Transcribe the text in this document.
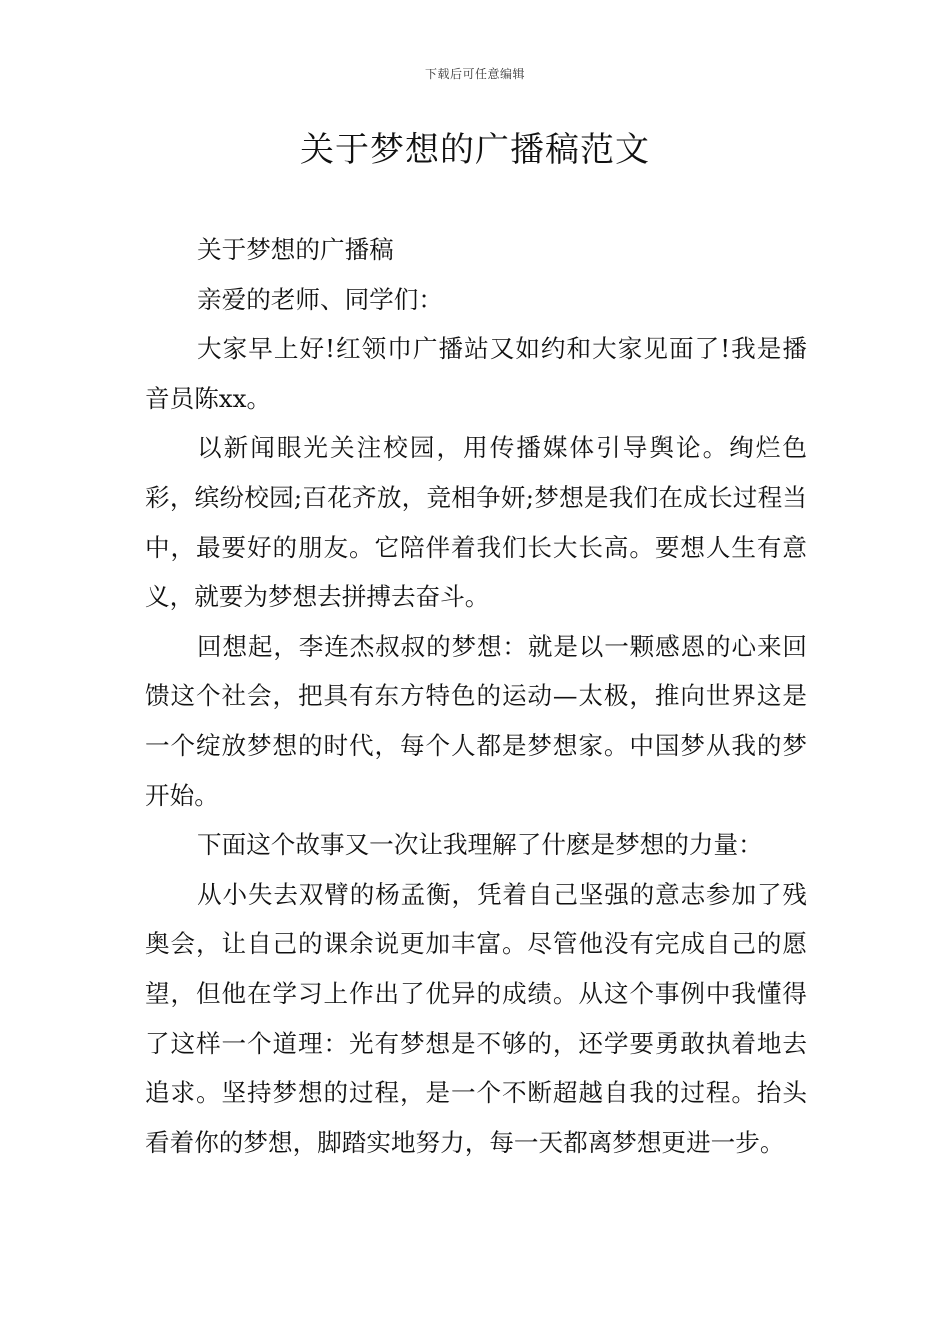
下载后可任意编辑
关于梦想的广播稿范文

关于梦想的广播稿

亲爱的老师、同学们：

大家早上好!红领巾广播站又如约和大家见面了!我是播音员陈xx。

以新闻眼光关注校园，用传播媒体引导舆论。绚烂色彩，缤纷校园;百花齐放，竞相争妍;梦想是我们在成长过程当中，最要好的朋友。它陪伴着我们长大长高。要想人生有意义，就要为梦想去拼搏去奋斗。

回想起，李连杰叔叔的梦想：就是以一颗感恩的心来回馈这个社会，把具有东方特色的运动—太极，推向世界这是一个绽放梦想的时代，每个人都是梦想家。中国梦从我的梦开始。

下面这个故事又一次让我理解了什麽是梦想的力量：

从小失去双臂的杨孟衡，凭着自己坚强的意志参加了残奥会，让自己的课余说更加丰富。尽管他没有完成自己的愿望，但他在学习上作出了优异的成绩。从这个事例中我懂得了这样一个道理：光有梦想是不够的，还学要勇敢执着地去追求。坚持梦想的过程，是一个不断超越自我的过程。抬头看着你的梦想，脚踏实地努力，每一天都离梦想更进一步。
